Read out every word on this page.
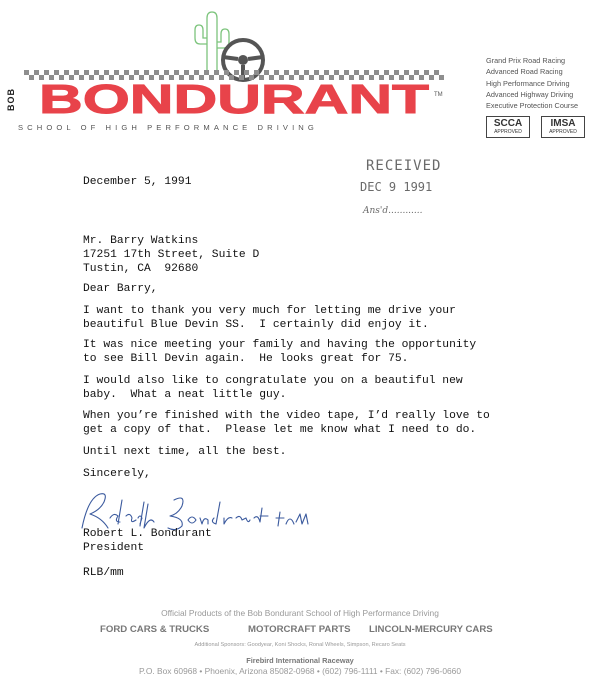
BONDURANT TM
BOB
SCHOOL OF HIGH PERFORMANCE DRIVING
Grand Prix Road Racing
Advanced Road Racing
High Performance Driving
Advanced Highway Driving
Executive Protection Course
SCCA
APPROVED
IMSA
APPROVED
RECEIVED
DEC 9 1991
Ans'd............
December 5, 1991
Mr. Barry Watkins
17251 17th Street, Suite D
Tustin, CA  92680
Dear Barry,
I want to thank you very much for letting me drive your
beautiful Blue Devin SS.  I certainly did enjoy it.
It was nice meeting your family and having the opportunity
to see Bill Devin again.  He looks great for 75.
I would also like to congratulate you on a beautiful new
baby.  What a neat little guy.
When you’re finished with the video tape, I’d really love to
get a copy of that.  Please let me know what I need to do.
Until next time, all the best.
Sincerely,
Robert L. Bondurant
President
RLB/mm
Official Products of the Bob Bondurant School of High Performance Driving
FORD CARS & TRUCKS	MOTORCRAFT PARTS LINCOLN-MERCURY CARS
Additional Sponsors: Goodyear, Koni Shocks, Ronal Wheels, Simpson, Recaro Seats
Firebird International Raceway
P.O. Box 60968 • Phoenix, Arizona 85082-0968 • (602) 796-1111 • Fax: (602) 796-0660
